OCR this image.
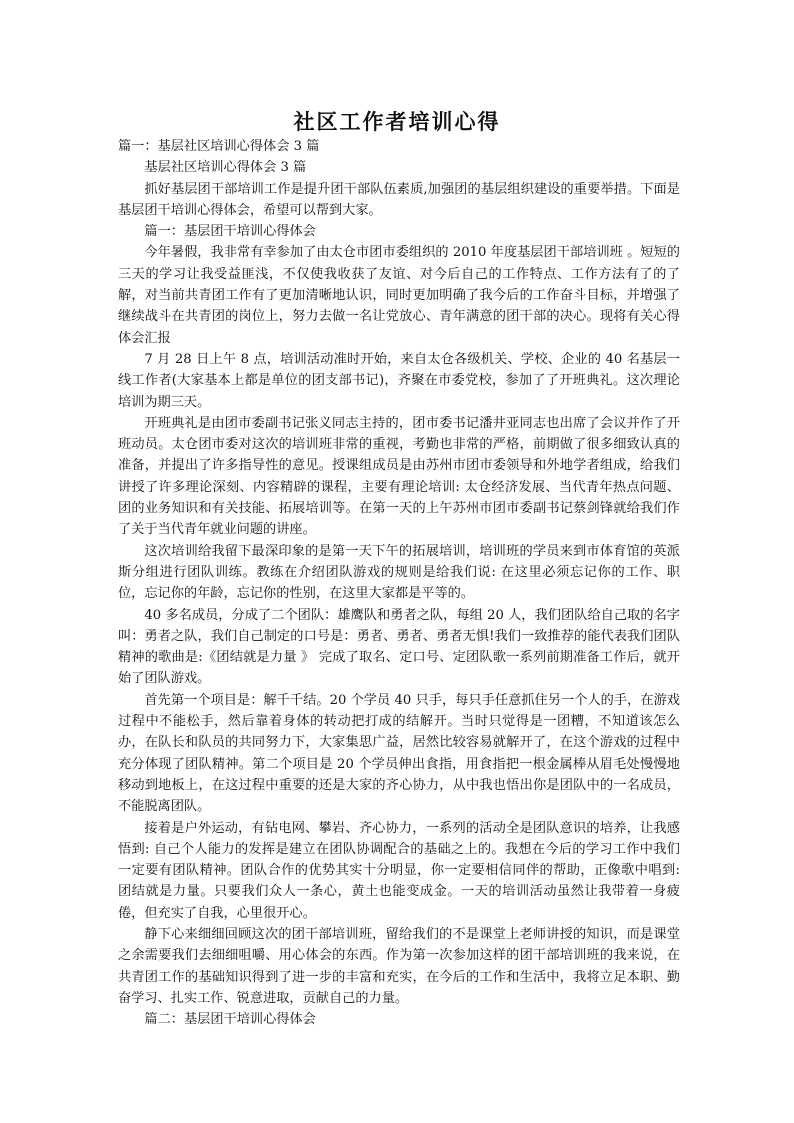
社区工作者培训心得

篇一：基层社区培训心得体会 3 篇

基层社区培训心得体会 3 篇

抓好基层团干部培训工作是提升团干部队伍素质,加强团的基层组织建设的重要举措。下面是基层团干培训心得体会，希望可以帮到大家。

篇一：基层团干培训心得体会

今年暑假，我非常有幸参加了由太仓市团市委组织的 2010 年度基层团干部培训班 。短短的三天的学习让我受益匪浅，不仅使我收获了友谊、对今后自己的工作特点、工作方法有了的了解，对当前共青团工作有了更加清晰地认识，同时更加明确了我今后的工作奋斗目标，并增强了继续战斗在共青团的岗位上，努力去做一名让党放心、青年满意的团干部的决心。现将有关心得体会汇报

7 月 28 日上午 8 点，培训活动准时开始，来自太仓各级机关、学校、企业的 40 名基层一线工作者(大家基本上都是单位的团支部书记)，齐聚在市委党校，参加了了开班典礼。这次理论培训为期三天。

开班典礼是由团市委副书记张义同志主持的，团市委书记潘井亚同志也出席了会议并作了开班动员。太仓团市委对这次的培训班非常的重视，考勤也非常的严格，前期做了很多细致认真的准备，并提出了许多指导性的意见。授课组成员是由苏州市团市委领导和外地学者组成，给我们讲授了许多理论深刻、内容精辟的课程，主要有理论培训: 太仓经济发展、当代青年热点问题、团的业务知识和有关技能、拓展培训等。在第一天的上午苏州市团市委副书记蔡剑锋就给我们作了关于当代青年就业问题的讲座。

这次培训给我留下最深印象的是第一天下午的拓展培训，培训班的学员来到市体育馆的英派斯分组进行团队训练。教练在介绍团队游戏的规则是给我们说: 在这里必须忘记你的工作、职位，忘记你的年龄，忘记你的性别，在这里大家都是平等的。

40 多名成员，分成了二个团队：雄鹰队和勇者之队，每组 20 人，我们团队给自己取的名字叫：勇者之队，我们自己制定的口号是：勇者、勇者、勇者无惧!我们一致推荐的能代表我们团队精神的歌曲是:《团结就是力量 》 完成了取名、定口号、定团队歌一系列前期准备工作后，就开始了团队游戏。

首先第一个项目是：解千千结。20 个学员 40 只手，每只手任意抓住另一个人的手，在游戏过程中不能松手，然后靠着身体的转动把打成的结解开。当时只觉得是一团糟，不知道该怎么办，在队长和队员的共同努力下，大家集思广益，居然比较容易就解开了，在这个游戏的过程中充分体现了团队精神。第二个项目是 20 个学员伸出食指，用食指把一根金属棒从眉毛处慢慢地移动到地板上，在这过程中重要的还是大家的齐心协力，从中我也悟出你是团队中的一名成员，不能脱离团队。

接着是户外运动，有钻电网、攀岩、齐心协力，一系列的活动全是团队意识的培养，让我感悟到: 自己个人能力的发挥是建立在团队协调配合的基础之上的。我想在今后的学习工作中我们一定要有团队精神。团队合作的优势其实十分明显，你一定要相信同伴的帮助，正像歌中唱到: 团结就是力量。只要我们众人一条心，黄土也能变成金。一天的培训活动虽然让我带着一身疲倦，但充实了自我，心里很开心。

静下心来细细回顾这次的团干部培训班，留给我们的不是课堂上老师讲授的知识，而是课堂之余需要我们去细细咀嚼、用心体会的东西。作为第一次参加这样的团干部培训班的我来说，在共青团工作的基础知识得到了进一步的丰富和充实，在今后的工作和生活中，我将立足本职、勤奋学习、扎实工作、锐意进取，贡献自己的力量。

篇二：基层团干培训心得体会
